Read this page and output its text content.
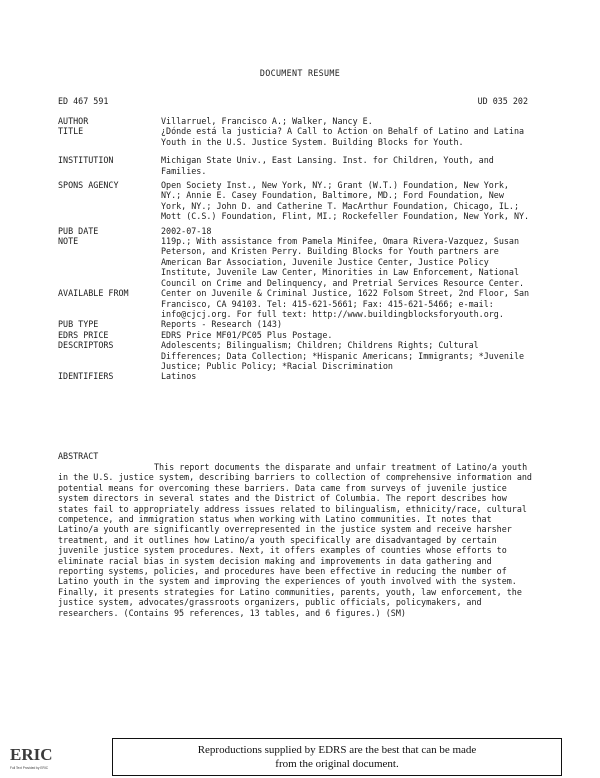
DOCUMENT RESUME
ED 467 591	UD 035 202
AUTHOR	Villarruel, Francisco A.; Walker, Nancy E.
TITLE	¿Dónde está la justicia? A Call to Action on Behalf of Latino and Latina Youth in the U.S. Justice System. Building Blocks for Youth.
INSTITUTION	Michigan State Univ., East Lansing. Inst. for Children, Youth, and Families.
SPONS AGENCY	Open Society Inst., New York, NY.; Grant (W.T.) Foundation, New York, NY.; Annie E. Casey Foundation, Baltimore, MD.; Ford Foundation, New York, NY.; John D. and Catherine T. MacArthur Foundation, Chicago, IL.; Mott (C.S.) Foundation, Flint, MI.; Rockefeller Foundation, New York, NY.
PUB DATE	2002-07-18
NOTE	119p.; With assistance from Pamela Minifee, Omara Rivera-Vazquez, Susan Peterson, and Kristen Perry. Building Blocks for Youth partners are American Bar Association, Juvenile Justice Center, Justice Policy Institute, Juvenile Law Center, Minorities in Law Enforcement, National Council on Crime and Delinquency, and Pretrial Services Resource Center.
AVAILABLE FROM	Center on Juvenile & Criminal Justice, 1622 Folsom Street, 2nd Floor, San Francisco, CA 94103. Tel: 415-621-5661; Fax: 415-621-5466; e-mail: info@cjcj.org. For full text: http://www.buildingblocksforyouth.org.
PUB TYPE	Reports - Research (143)
EDRS PRICE	EDRS Price MF01/PC05 Plus Postage.
DESCRIPTORS	Adolescents; Bilingualism; Children; Childrens Rights; Cultural Differences; Data Collection; *Hispanic Americans; Immigrants; *Juvenile Justice; Public Policy; *Racial Discrimination
IDENTIFIERS	Latinos
ABSTRACT
This report documents the disparate and unfair treatment of Latino/a youth in the U.S. justice system, describing barriers to collection of comprehensive information and potential means for overcoming these barriers. Data came from surveys of juvenile justice system directors in several states and the District of Columbia. The report describes how states fail to appropriately address issues related to bilingualism, ethnicity/race, cultural competence, and immigration status when working with Latino communities. It notes that Latino/a youth are significantly overrepresented in the justice system and receive harsher treatment, and it outlines how Latino/a youth specifically are disadvantaged by certain juvenile justice system procedures. Next, it offers examples of counties whose efforts to eliminate racial bias in system decision making and improvements in data gathering and reporting systems, policies, and procedures have been effective in reducing the number of Latino youth in the system and improving the experiences of youth involved with the system. Finally, it presents strategies for Latino communities, parents, youth, law enforcement, the justice system, advocates/grassroots organizers, public officials, policymakers, and researchers. (Contains 95 references, 13 tables, and 6 figures.) (SM)
ERIC
Full Text Provided by ERIC
Reproductions supplied by EDRS are the best that can be made
from the original document.
